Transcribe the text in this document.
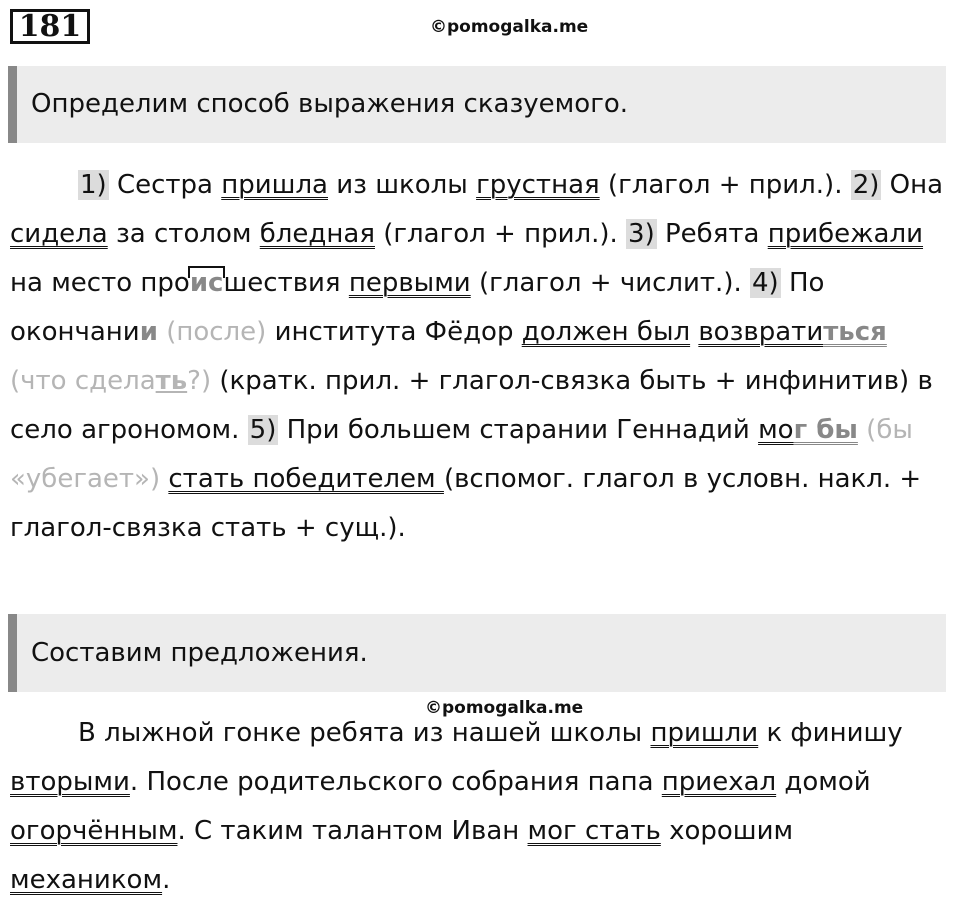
181	©pomogalka.me
Определим способ выражения сказуемого.

1) Сестра пришла из школы грустная (глагол + прил.). 2) Она сидела за столом бледная (глагол + прил.). 3) Ребята прибежали на место происшествия первыми (глагол + числит.). 4) По окончании (после) института Фёдор должен был возвратиться (что сделать?) (кратк. прил. + глагол-связка быть + инфинитив) в село агрономом. 5) При большем старании Геннадий мог бы (бы «убегает») стать победителем (вспомог. глагол в условн. накл. + глагол-связка стать + сущ.).

Составим предложения.
©pomogalka.me

В лыжной гонке ребята из нашей школы пришли к финишу вторыми. После родительского собрания папа приехал домой огорчённым. С таким талантом Иван мог стать хорошим механиком.
